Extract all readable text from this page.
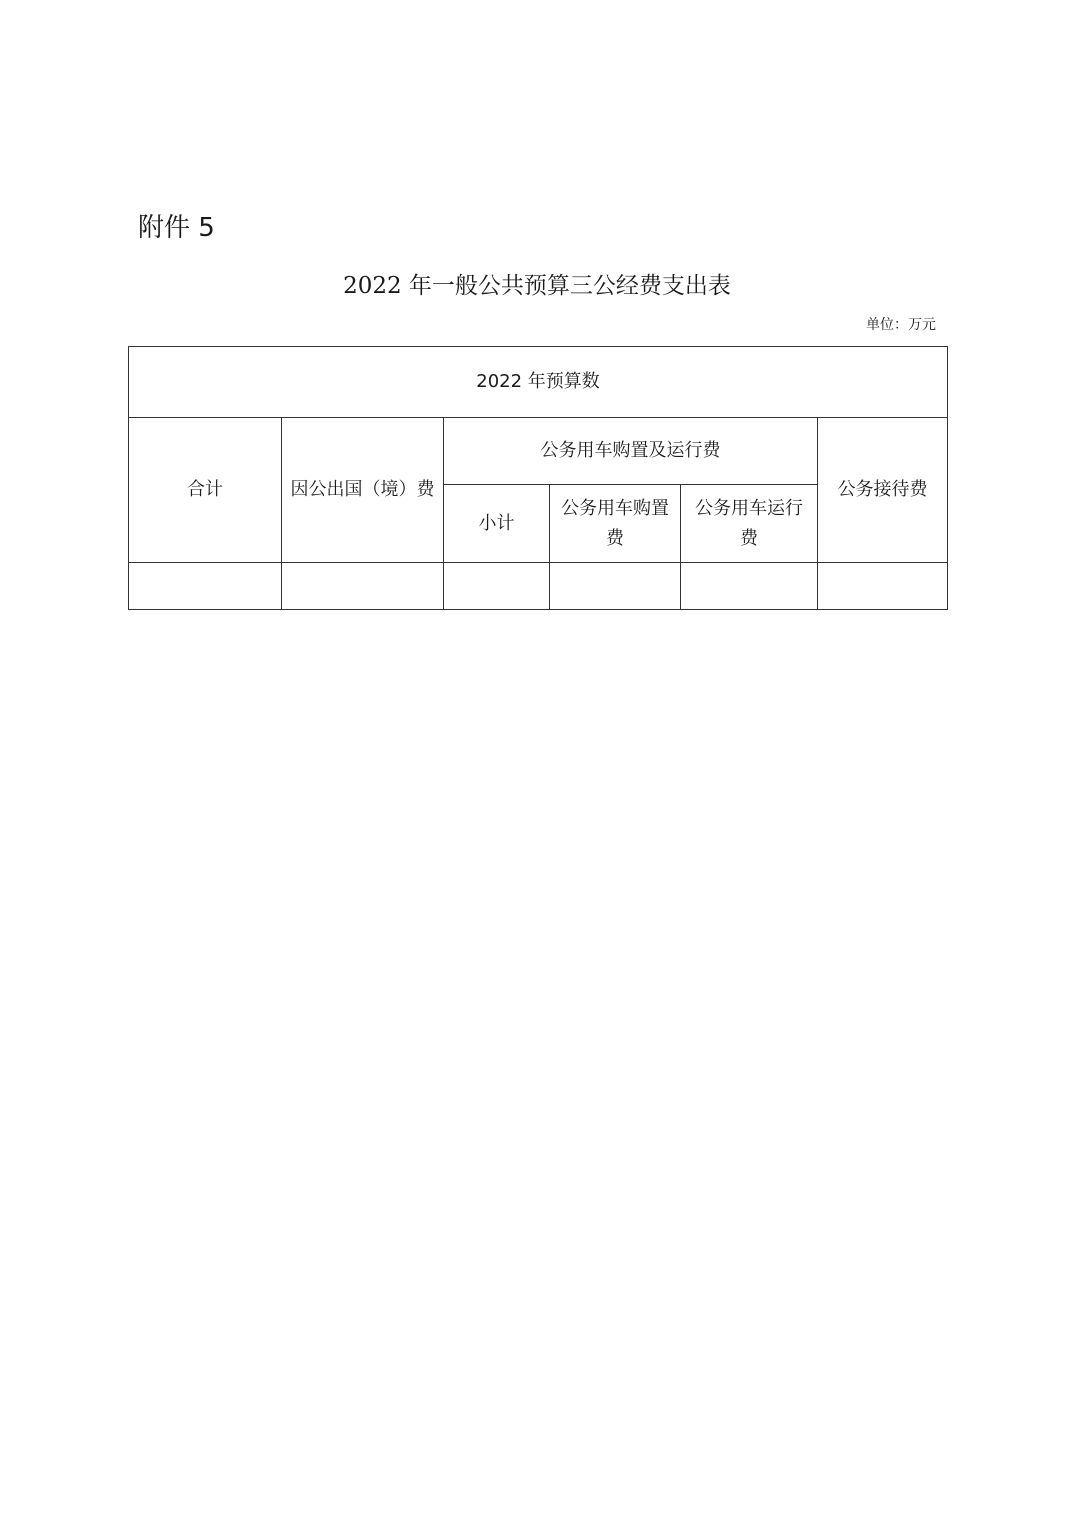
附件 5
2022 年一般公共预算三公经费支出表
单位：万元
2022 年预算数					
合计	因公出国（境）费	公务用车购置及运行费			公务接待费
		小计	公务用车购置费	公务用车运行费	
